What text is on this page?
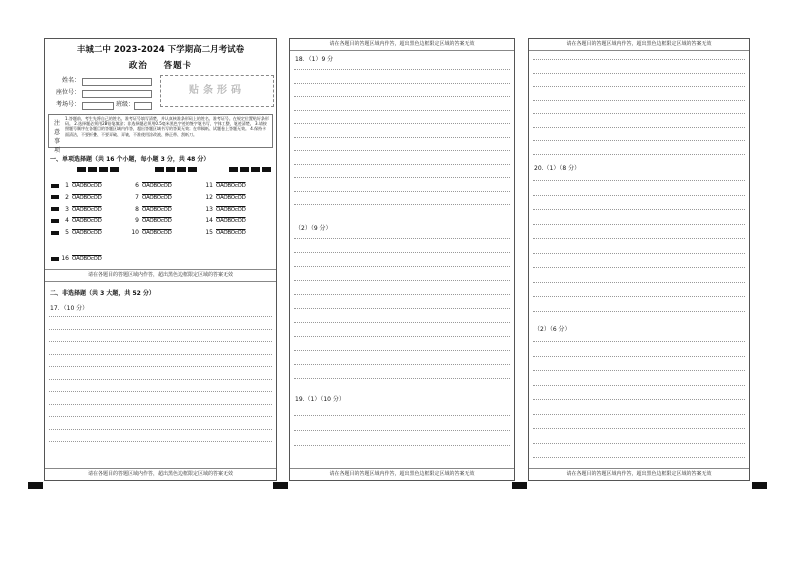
丰城二中 2023-2024 下学期高二月考试卷
政治 答题卡
姓名：
座位号：
考场号：	班级：
贴条形码
注 意 事 项
1.答题前，考生先将自己的姓名、准考证号填写清楚，并认真核准条形码上的姓名、准考证号。在规定位置贴好条形码。 2.选择题必须用2B铅笔填涂；非选择题必须用0.5毫米黑色字迹的签字笔书写，字体工整，笔迹清楚。 3.请按照题号顺序在各题目的答题区域内作答，超出答题区域书写的答案无效；在草稿纸、试题卷上答题无效。 4.保持卡面清洁，不要折叠、不要弄破、弄皱，不准使用涂改液、修正带、刮纸刀。
一、单项选择题（共 16 个小题，每小题 3 分，共 48 分）
1 ŌAŌBŌcŌD
2 ŌAŌBŌcŌD
3 ŌAŌBŌcŌD
4 ŌAŌBŌcŌD
5 ŌAŌBŌcŌD
6 ŌAŌBŌcŌD
7 ŌAŌBŌcŌD
8 ŌAŌBŌcŌD
9 ŌAŌBŌcŌD
10 ŌAŌBŌcŌD
11 ŌAŌBŌcŌD
12 ŌAŌBŌcŌD
13 ŌAŌBŌcŌD
14 ŌAŌBŌcŌD
15 ŌAŌBŌcŌD
16 ŌAŌBŌcŌD
请在各题目的答题区域内作答，超出黑色边框限定区域的答案无效
二、非选择题（共 3 大题，共 52 分）
17．（10 分）
请在各题目的答题区域内作答，超出黑色边框限定区域的答案无效
请在各题目的答题区域内作答，超出黑色边框限定区域的答案无效
18．（1）9 分
（2）（9 分）
19.（1）（10 分）
请在各题目的答题区域内作答，超出黑色边框限定区域的答案无效
请在各题目的答题区域内作答，超出黑色边框限定区域的答案无效
20.（1）（8 分）
（2）（6 分）
请在各题目的答题区域内作答，超出黑色边框限定区域的答案无效
